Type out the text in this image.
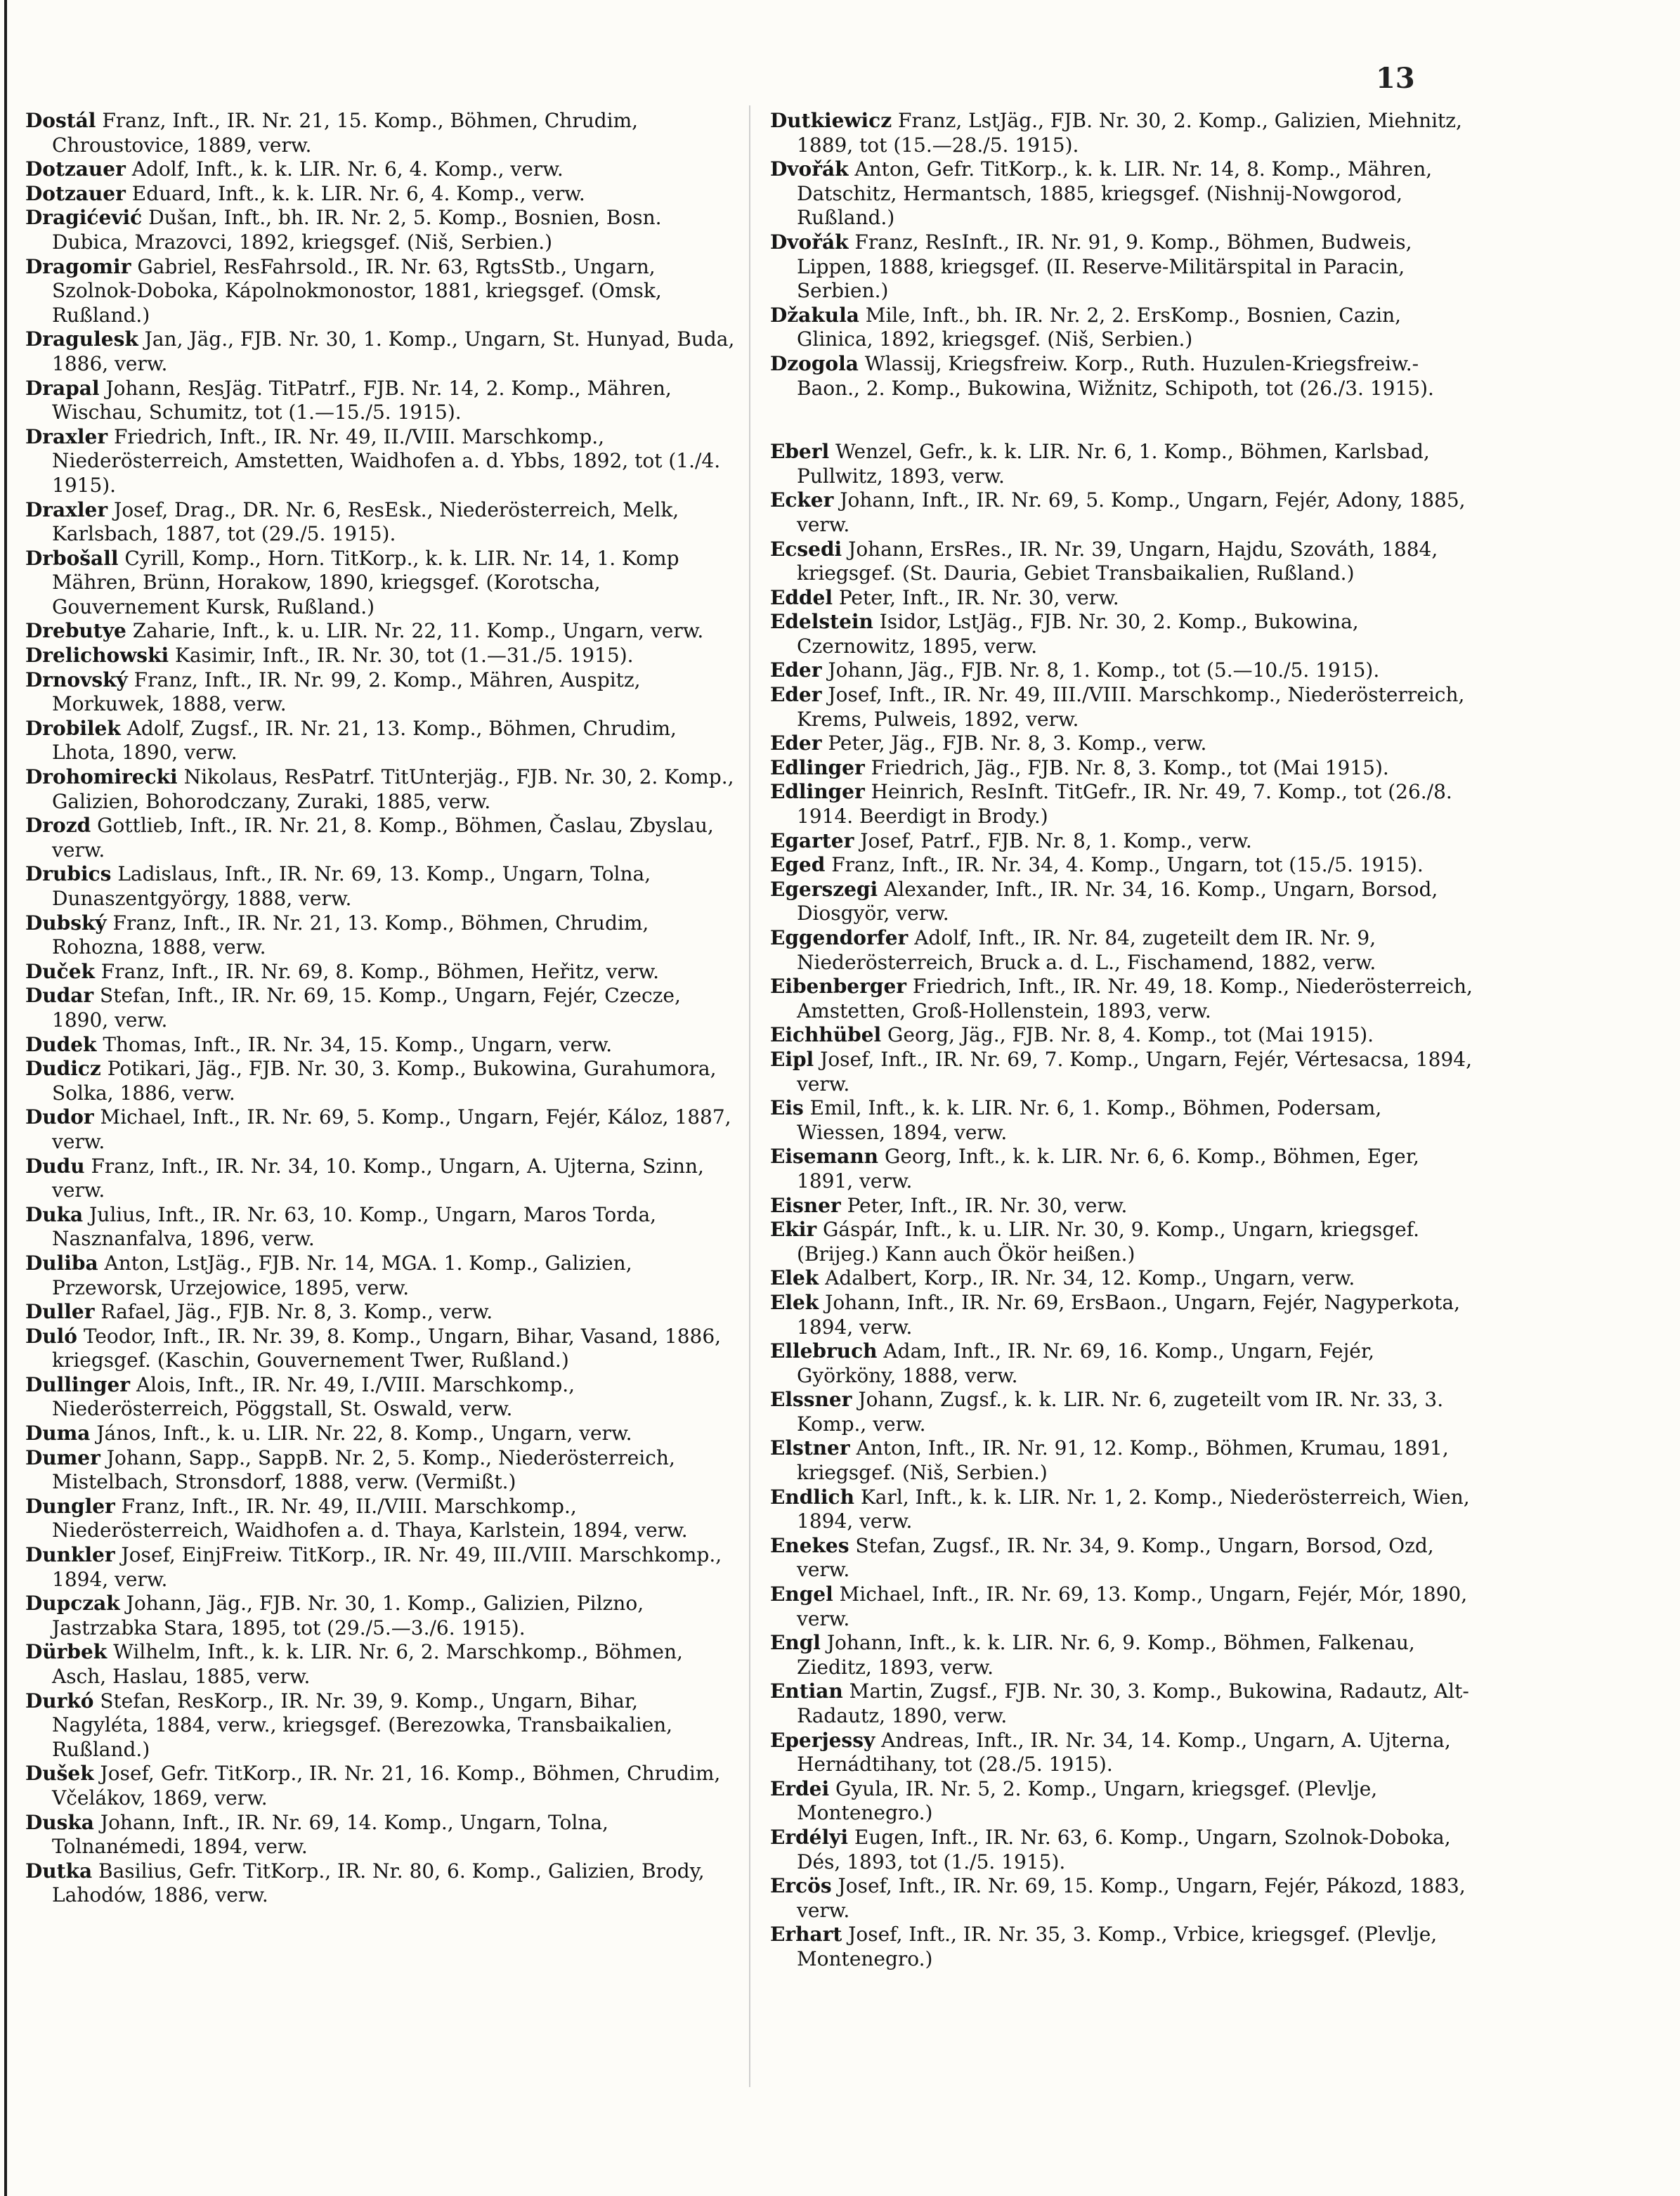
13

Dostál Franz, Inft., IR. Nr. 21, 15. Komp., Böhmen, Chrudim, Chroustovice, 1889, verw.

Dotzauer Adolf, Inft., k. k. LIR. Nr. 6, 4. Komp., verw.

Dotzauer Eduard, Inft., k. k. LIR. Nr. 6, 4. Komp., verw.

Dragićević Dušan, Inft., bh. IR. Nr. 2, 5. Komp., Bosnien, Bosn. Dubica, Mrazovci, 1892, kriegsgef. (Niš, Serbien.)

Dragomir Gabriel, ResFahrsold., IR. Nr. 63, RgtsStb., Ungarn, Szolnok-Doboka, Kápolnokmonostor, 1881, kriegsgef. (Omsk, Rußland.)

Dragulesk Jan, Jäg., FJB. Nr. 30, 1. Komp., Ungarn, St. Hunyad, Buda, 1886, verw.

Drapal Johann, ResJäg. TitPatrf., FJB. Nr. 14, 2. Komp., Mähren, Wischau, Schumitz, tot (1.—15./5. 1915).

Draxler Friedrich, Inft., IR. Nr. 49, II./VIII. Marschkomp., Niederösterreich, Amstetten, Waidhofen a. d. Ybbs, 1892, tot (1./4. 1915).

Draxler Josef, Drag., DR. Nr. 6, ResEsk., Niederösterreich, Melk, Karlsbach, 1887, tot (29./5. 1915).

Drbošall Cyrill, Komp., Horn. TitKorp., k. k. LIR. Nr. 14, 1. Komp Mähren, Brünn, Horakow, 1890, kriegsgef. (Korotscha, Gouvernement Kursk, Rußland.)

Drebutye Zaharie, Inft., k. u. LIR. Nr. 22, 11. Komp., Ungarn, verw.

Drelichowski Kasimir, Inft., IR. Nr. 30, tot (1.—31./5. 1915).

Drnovský Franz, Inft., IR. Nr. 99, 2. Komp., Mähren, Auspitz, Morkuwek, 1888, verw.

Drobilek Adolf, Zugsf., IR. Nr. 21, 13. Komp., Böhmen, Chrudim, Lhota, 1890, verw.

Drohomirecki Nikolaus, ResPatrf. TitUnterjäg., FJB. Nr. 30, 2. Komp., Galizien, Bohorodczany, Zuraki, 1885, verw.

Drozd Gottlieb, Inft., IR. Nr. 21, 8. Komp., Böhmen, Časlau, Zbyslau, verw.

Drubics Ladislaus, Inft., IR. Nr. 69, 13. Komp., Ungarn, Tolna, Dunaszentgyörgy, 1888, verw.

Dubský Franz, Inft., IR. Nr. 21, 13. Komp., Böhmen, Chrudim, Rohozna, 1888, verw.

Duček Franz, Inft., IR. Nr. 69, 8. Komp., Böhmen, Heřitz, verw.

Dudar Stefan, Inft., IR. Nr. 69, 15. Komp., Ungarn, Fejér, Czecze, 1890, verw.

Dudek Thomas, Inft., IR. Nr. 34, 15. Komp., Ungarn, verw.

Dudicz Potikari, Jäg., FJB. Nr. 30, 3. Komp., Bukowina, Gurahumora, Solka, 1886, verw.

Dudor Michael, Inft., IR. Nr. 69, 5. Komp., Ungarn, Fejér, Káloz, 1887, verw.

Dudu Franz, Inft., IR. Nr. 34, 10. Komp., Ungarn, A. Ujterna, Szinn, verw.

Duka Julius, Inft., IR. Nr. 63, 10. Komp., Ungarn, Maros Torda, Nasznanfalva, 1896, verw.

Duliba Anton, LstJäg., FJB. Nr. 14, MGA. 1. Komp., Galizien, Przeworsk, Urzejowice, 1895, verw.

Duller Rafael, Jäg., FJB. Nr. 8, 3. Komp., verw.

Duló Teodor, Inft., IR. Nr. 39, 8. Komp., Ungarn, Bihar, Vasand, 1886, kriegsgef. (Kaschin, Gouvernement Twer, Rußland.)

Dullinger Alois, Inft., IR. Nr. 49, I./VIII. Marschkomp., Niederösterreich, Pöggstall, St. Oswald, verw.

Duma János, Inft., k. u. LIR. Nr. 22, 8. Komp., Ungarn, verw.

Dumer Johann, Sapp., SappB. Nr. 2, 5. Komp., Niederösterreich, Mistelbach, Stronsdorf, 1888, verw. (Vermißt.)

Dungler Franz, Inft., IR. Nr. 49, II./VIII. Marschkomp., Niederösterreich, Waidhofen a. d. Thaya, Karlstein, 1894, verw.

Dunkler Josef, EinjFreiw. TitKorp., IR. Nr. 49, III./VIII. Marschkomp., 1894, verw.

Dupczak Johann, Jäg., FJB. Nr. 30, 1. Komp., Galizien, Pilzno, Jastrzabka Stara, 1895, tot (29./5.—3./6. 1915).

Dürbek Wilhelm, Inft., k. k. LIR. Nr. 6, 2. Marschkomp., Böhmen, Asch, Haslau, 1885, verw.

Durkó Stefan, ResKorp., IR. Nr. 39, 9. Komp., Ungarn, Bihar, Nagyléta, 1884, verw., kriegsgef. (Berezowka, Transbaikalien, Rußland.)

Dušek Josef, Gefr. TitKorp., IR. Nr. 21, 16. Komp., Böhmen, Chrudim, Včelákov, 1869, verw.

Duska Johann, Inft., IR. Nr. 69, 14. Komp., Ungarn, Tolna, Tolnanémedi, 1894, verw.

Dutka Basilius, Gefr. TitKorp., IR. Nr. 80, 6. Komp., Galizien, Brody, Lahodów, 1886, verw.

Dutkiewicz Franz, LstJäg., FJB. Nr. 30, 2. Komp., Galizien, Miehnitz, 1889, tot (15.—28./5. 1915).

Dvořák Anton, Gefr. TitKorp., k. k. LIR. Nr. 14, 8. Komp., Mähren, Datschitz, Hermantsch, 1885, kriegsgef. (Nishnij-Nowgorod, Rußland.)

Dvořák Franz, ResInft., IR. Nr. 91, 9. Komp., Böhmen, Budweis, Lippen, 1888, kriegsgef. (II. Reserve-Militärspital in Paracin, Serbien.)

Džakula Mile, Inft., bh. IR. Nr. 2, 2. ErsKomp., Bosnien, Cazin, Glinica, 1892, kriegsgef. (Niš, Serbien.)

Dzogola Wlassij, Kriegsfreiw. Korp., Ruth. Huzulen-Kriegsfreiw.-Baon., 2. Komp., Bukowina, Wižnitz, Schipoth, tot (26./3. 1915).

Eberl Wenzel, Gefr., k. k. LIR. Nr. 6, 1. Komp., Böhmen, Karlsbad, Pullwitz, 1893, verw.

Ecker Johann, Inft., IR. Nr. 69, 5. Komp., Ungarn, Fejér, Adony, 1885, verw.

Ecsedi Johann, ErsRes., IR. Nr. 39, Ungarn, Hajdu, Szováth, 1884, kriegsgef. (St. Dauria, Gebiet Transbaikalien, Rußland.)

Eddel Peter, Inft., IR. Nr. 30, verw.

Edelstein Isidor, LstJäg., FJB. Nr. 30, 2. Komp., Bukowina, Czernowitz, 1895, verw.

Eder Johann, Jäg., FJB. Nr. 8, 1. Komp., tot (5.—10./5. 1915).

Eder Josef, Inft., IR. Nr. 49, III./VIII. Marschkomp., Niederösterreich, Krems, Pulweis, 1892, verw.

Eder Peter, Jäg., FJB. Nr. 8, 3. Komp., verw.

Edlinger Friedrich, Jäg., FJB. Nr. 8, 3. Komp., tot (Mai 1915).

Edlinger Heinrich, ResInft. TitGefr., IR. Nr. 49, 7. Komp., tot (26./8. 1914. Beerdigt in Brody.)

Egarter Josef, Patrf., FJB. Nr. 8, 1. Komp., verw.

Eged Franz, Inft., IR. Nr. 34, 4. Komp., Ungarn, tot (15./5. 1915).

Egerszegi Alexander, Inft., IR. Nr. 34, 16. Komp., Ungarn, Borsod, Diosgyör, verw.

Eggendorfer Adolf, Inft., IR. Nr. 84, zugeteilt dem IR. Nr. 9, Niederösterreich, Bruck a. d. L., Fischamend, 1882, verw.

Eibenberger Friedrich, Inft., IR. Nr. 49, 18. Komp., Niederösterreich, Amstetten, Groß-Hollenstein, 1893, verw.

Eichhübel Georg, Jäg., FJB. Nr. 8, 4. Komp., tot (Mai 1915).

Eipl Josef, Inft., IR. Nr. 69, 7. Komp., Ungarn, Fejér, Vértesacsa, 1894, verw.

Eis Emil, Inft., k. k. LIR. Nr. 6, 1. Komp., Böhmen, Podersam, Wiessen, 1894, verw.

Eisemann Georg, Inft., k. k. LIR. Nr. 6, 6. Komp., Böhmen, Eger, 1891, verw.

Eisner Peter, Inft., IR. Nr. 30, verw.

Ekir Gáspár, Inft., k. u. LIR. Nr. 30, 9. Komp., Ungarn, kriegsgef. (Brijeg.) Kann auch Ökör heißen.)

Elek Adalbert, Korp., IR. Nr. 34, 12. Komp., Ungarn, verw.

Elek Johann, Inft., IR. Nr. 69, ErsBaon., Ungarn, Fejér, Nagyperkota, 1894, verw.

Ellebruch Adam, Inft., IR. Nr. 69, 16. Komp., Ungarn, Fejér, Györköny, 1888, verw.

Elssner Johann, Zugsf., k. k. LIR. Nr. 6, zugeteilt vom IR. Nr. 33, 3. Komp., verw.

Elstner Anton, Inft., IR. Nr. 91, 12. Komp., Böhmen, Krumau, 1891, kriegsgef. (Niš, Serbien.)

Endlich Karl, Inft., k. k. LIR. Nr. 1, 2. Komp., Niederösterreich, Wien, 1894, verw.

Enekes Stefan, Zugsf., IR. Nr. 34, 9. Komp., Ungarn, Borsod, Ozd, verw.

Engel Michael, Inft., IR. Nr. 69, 13. Komp., Ungarn, Fejér, Mór, 1890, verw.

Engl Johann, Inft., k. k. LIR. Nr. 6, 9. Komp., Böhmen, Falkenau, Zieditz, 1893, verw.

Entian Martin, Zugsf., FJB. Nr. 30, 3. Komp., Bukowina, Radautz, Alt-Radautz, 1890, verw.

Eperjessy Andreas, Inft., IR. Nr. 34, 14. Komp., Ungarn, A. Ujterna, Hernádtihany, tot (28./5. 1915).

Erdei Gyula, IR. Nr. 5, 2. Komp., Ungarn, kriegsgef. (Plevlje, Montenegro.)

Erdélyi Eugen, Inft., IR. Nr. 63, 6. Komp., Ungarn, Szolnok-Doboka, Dés, 1893, tot (1./5. 1915).

Ercös Josef, Inft., IR. Nr. 69, 15. Komp., Ungarn, Fejér, Pákozd, 1883, verw.

Erhart Josef, Inft., IR. Nr. 35, 3. Komp., Vrbice, kriegsgef. (Plevlje, Montenegro.)
